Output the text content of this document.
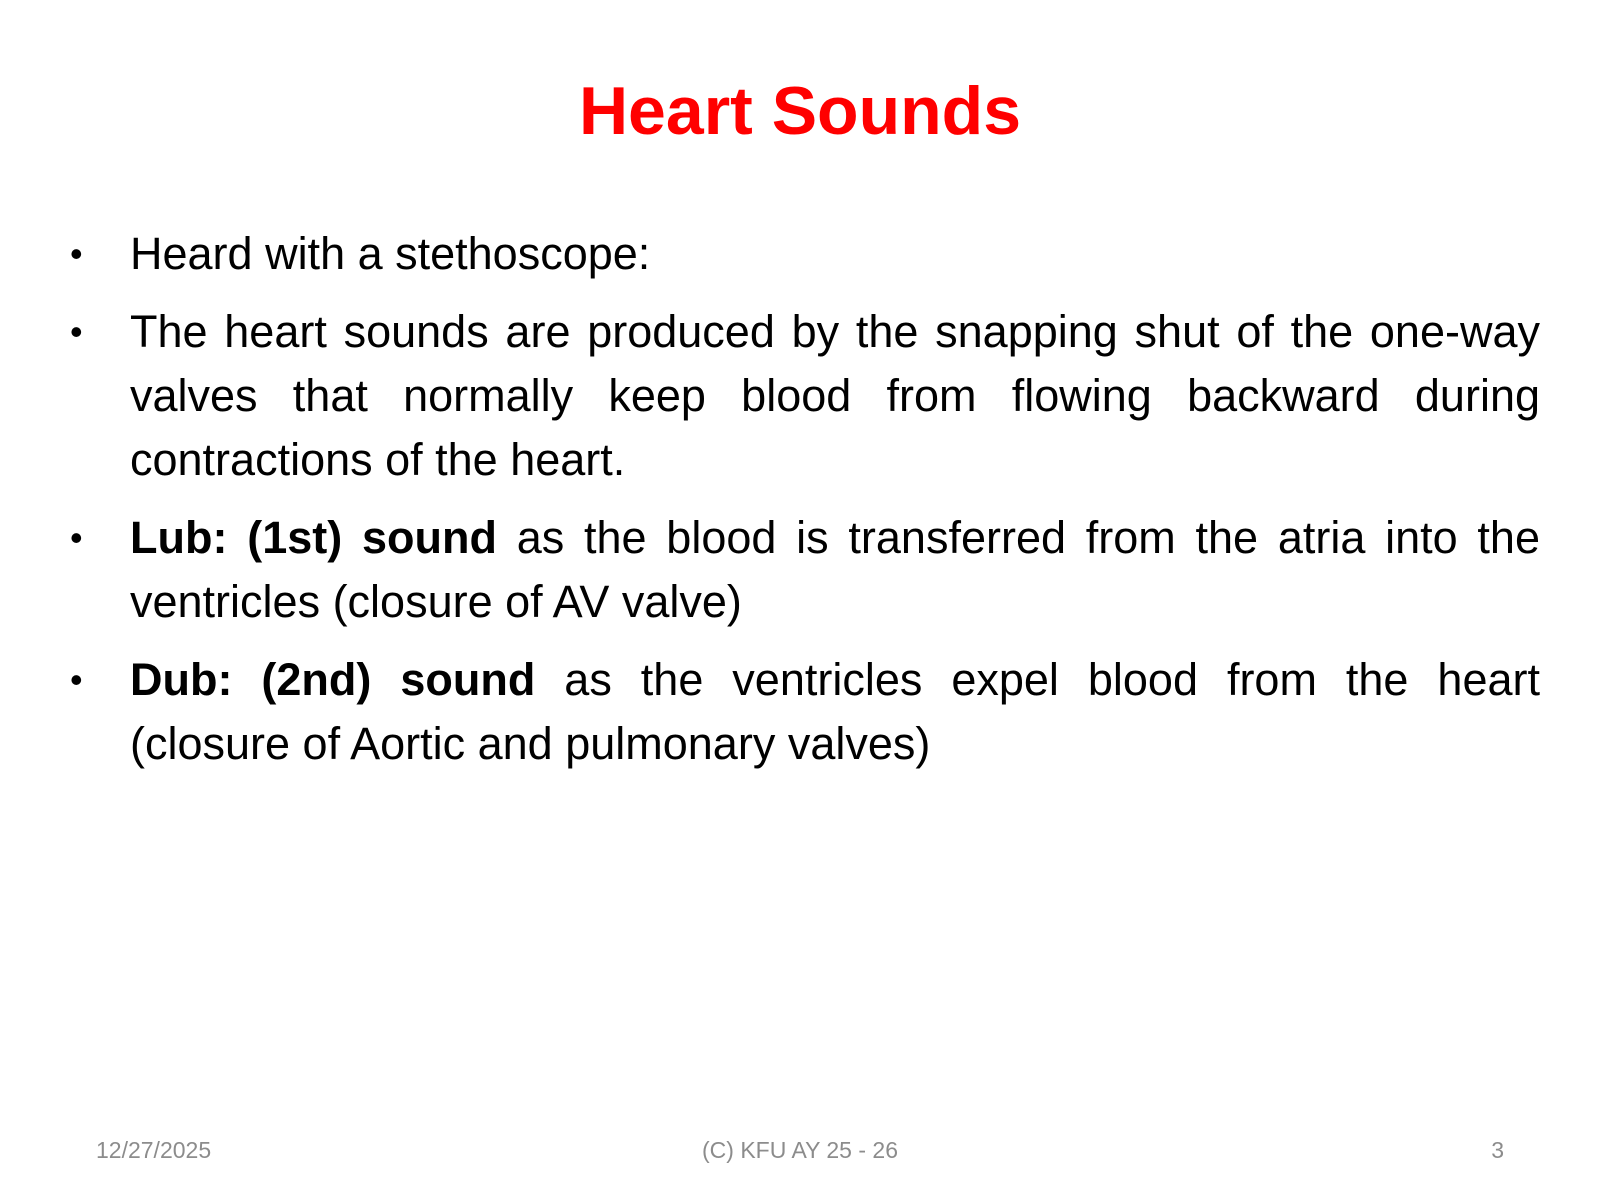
Heart Sounds
•	Heard with a stethoscope:
•	The heart sounds are produced by the snapping shut of the one-way valves that normally keep blood from flowing backward during contractions of the heart.
•	Lub: (1st) sound as the blood is transferred from the atria into the ventricles (closure of AV valve)
•	Dub: (2nd) sound as the ventricles expel blood from the heart (closure of Aortic and pulmonary valves)
12/27/2025	(C) KFU AY 25 - 26	3
